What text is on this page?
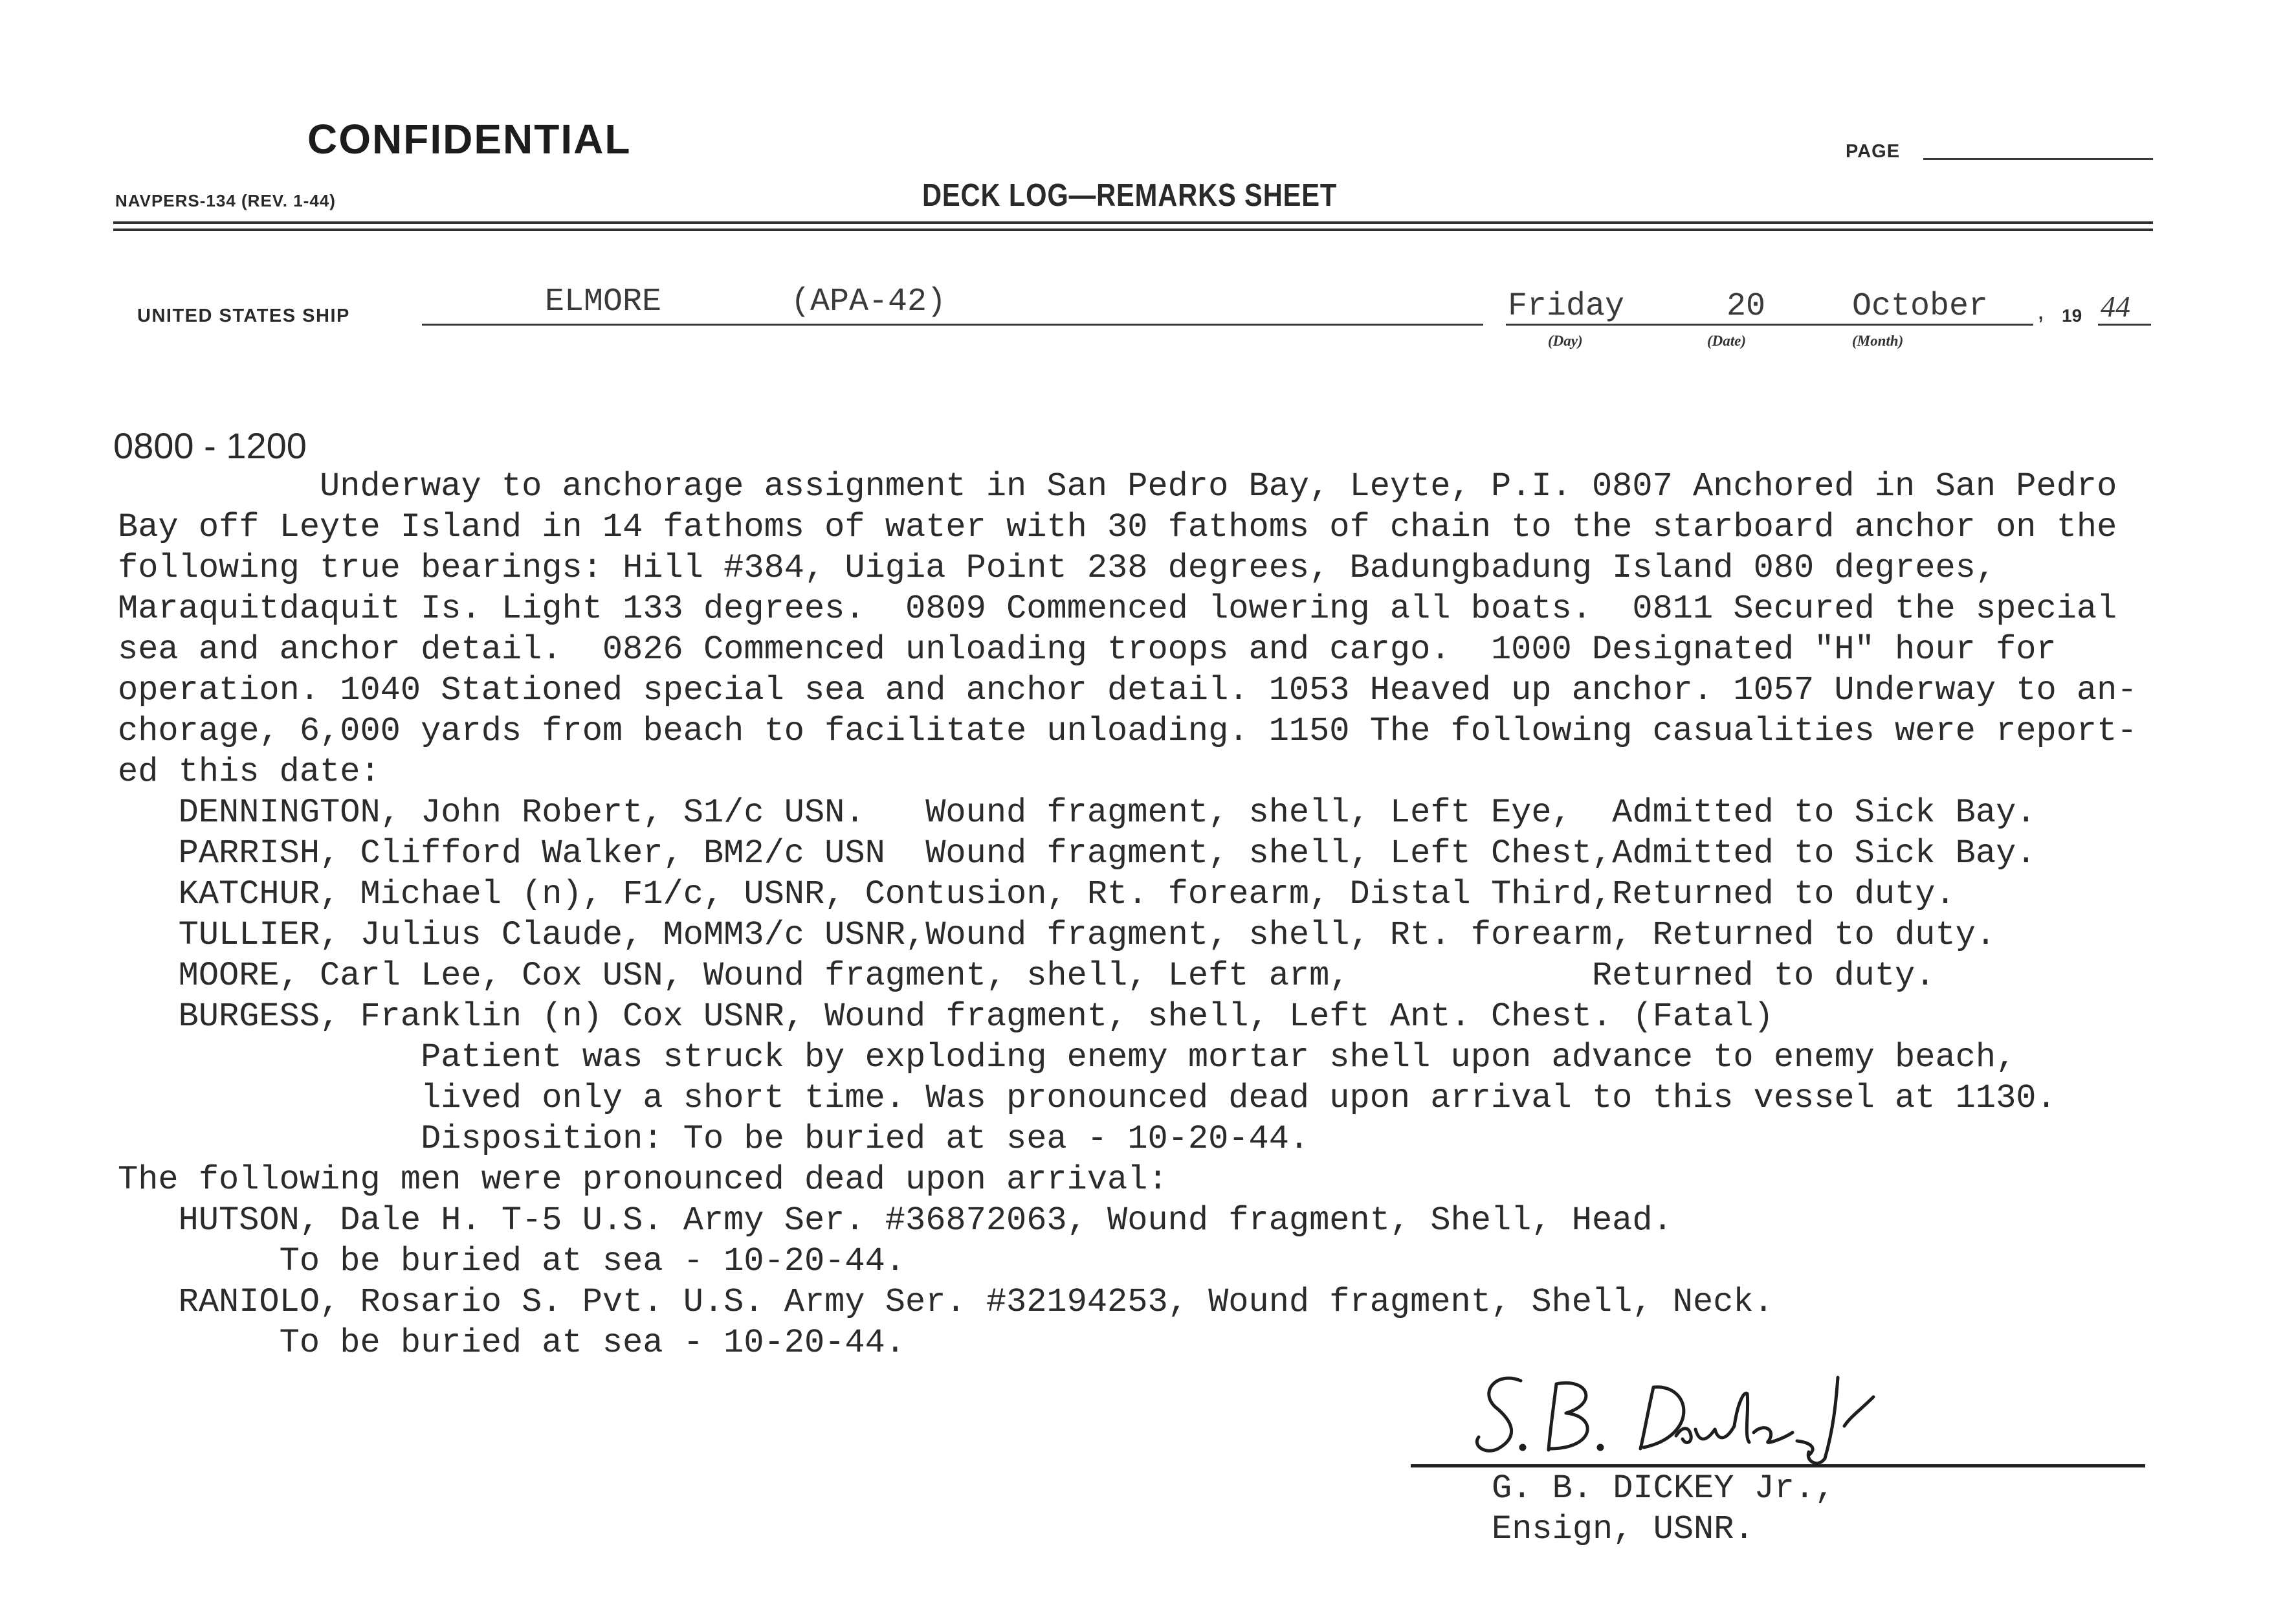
CONFIDENTIAL	PAGE
NAVPERS-134 (REV. 1-44)	DECK LOG—REMARKS SHEET
UNITED STATES SHIP	ELMORE	(APA-42)	Friday	20	October , 19 44
(Day)	(Date)	(Month)
0800 - 1200
Underway to anchorage assignment in San Pedro Bay, Leyte, P.I. 0807 Anchored in San Pedro
Bay off Leyte Island in 14 fathoms of water with 30 fathoms of chain to the starboard anchor on the
following true bearings: Hill #384, Uigia Point 238 degrees, Badungbadung Island 080 degrees,
Maraquitdaquit Is. Light 133 degrees.  0809 Commenced lowering all boats.  0811 Secured the special
sea and anchor detail.  0826 Commenced unloading troops and cargo.  1000 Designated "H" hour for
operation. 1040 Stationed special sea and anchor detail. 1053 Heaved up anchor. 1057 Underway to an-
chorage, 6,000 yards from beach to facilitate unloading. 1150 The following casualities were report-
ed this date:
DENNINGTON, John Robert, S1/c USN.   Wound fragment, shell, Left Eye,  Admitted to Sick Bay.
PARRISH, Clifford Walker, BM2/c USN  Wound fragment, shell, Left Chest,Admitted to Sick Bay.
KATCHUR, Michael (n), F1/c, USNR, Contusion, Rt. forearm, Distal Third,Returned to duty.
TULLIER, Julius Claude, MoMM3/c USNR,Wound fragment, shell, Rt. forearm, Returned to duty.
MOORE, Carl Lee, Cox USN, Wound fragment, shell, Left arm,            Returned to duty.
BURGESS, Franklin (n) Cox USNR, Wound fragment, shell, Left Ant. Chest. (Fatal)
Patient was struck by exploding enemy mortar shell upon advance to enemy beach,
lived only a short time. Was pronounced dead upon arrival to this vessel at 1130.
Disposition: To be buried at sea - 10-20-44.
The following men were pronounced dead upon arrival:
HUTSON, Dale H. T-5 U.S. Army Ser. #36872063, Wound fragment, Shell, Head.
To be buried at sea - 10-20-44.
RANIOLO, Rosario S. Pvt. U.S. Army Ser. #32194253, Wound fragment, Shell, Neck.
To be buried at sea - 10-20-44.
G. B. DICKEY Jr.,
Ensign, USNR.
